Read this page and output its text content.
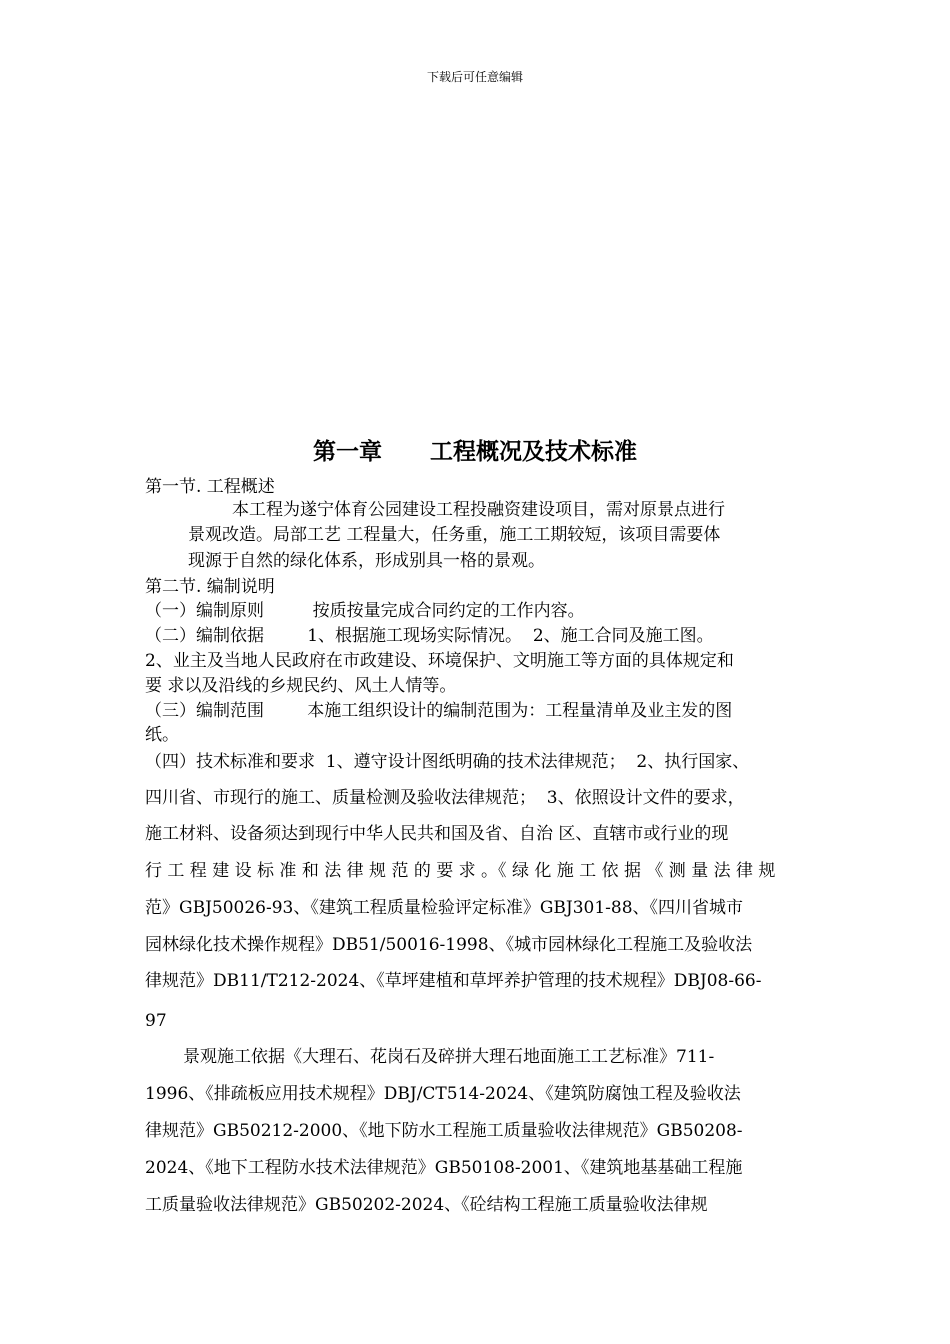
下载后可任意编辑
第一章      工程概况及技术标准
第一节. 工程概述
本工程为遂宁体育公园建设工程投融资建设项目，需对原景点进行
景观改造。局部工艺 工程量大，任务重，施工工期较短，该项目需要体
现源于自然的绿化体系，形成别具一格的景观。
第二节. 编制说明
（一）编制原则         按质按量完成合同约定的工作内容。
（二）编制依据        1、根据施工现场实际情况。  2、施工合同及施工图。
2、业主及当地人民政府在市政建设、环境保护、文明施工等方面的具体规定和
要 求以及沿线的乡规民约、风土人情等。
（三）编制范围        本施工组织设计的编制范围为：工程量清单及业主发的图
纸。
（四）技术标准和要求  1、遵守设计图纸明确的技术法律规范；  2、执行国家、
四川省、市现行的施工、质量检测及验收法律规范；  3、依照设计文件的要求，
施工材料、设备须达到现行中华人民共和国及省、自治 区、直辖市或行业的现
行 工 程 建 设 标 准 和 法 律 规 范 的 要 求 。《 绿 化 施 工 依 据 《 测 量 法 律 规
范》GBJ50026-93、《建筑工程质量检验评定标准》GBJ301-88、《四川省城市
园林绿化技术操作规程》DB51/50016-1998、《城市园林绿化工程施工及验收法
律规范》DB11/T212-2024、《草坪建植和草坪养护管理的技术规程》DBJ08-66-
97
景观施工依据《大理石、花岗石及碎拼大理石地面施工工艺标准》711-
1996、《排疏板应用技术规程》DBJ/CT514-2024、《建筑防腐蚀工程及验收法
律规范》GB50212-2000、《地下防水工程施工质量验收法律规范》GB50208-
2024、《地下工程防水技术法律规范》GB50108-2001、《建筑地基基础工程施
工质量验收法律规范》GB50202-2024、《砼结构工程施工质量验收法律规
